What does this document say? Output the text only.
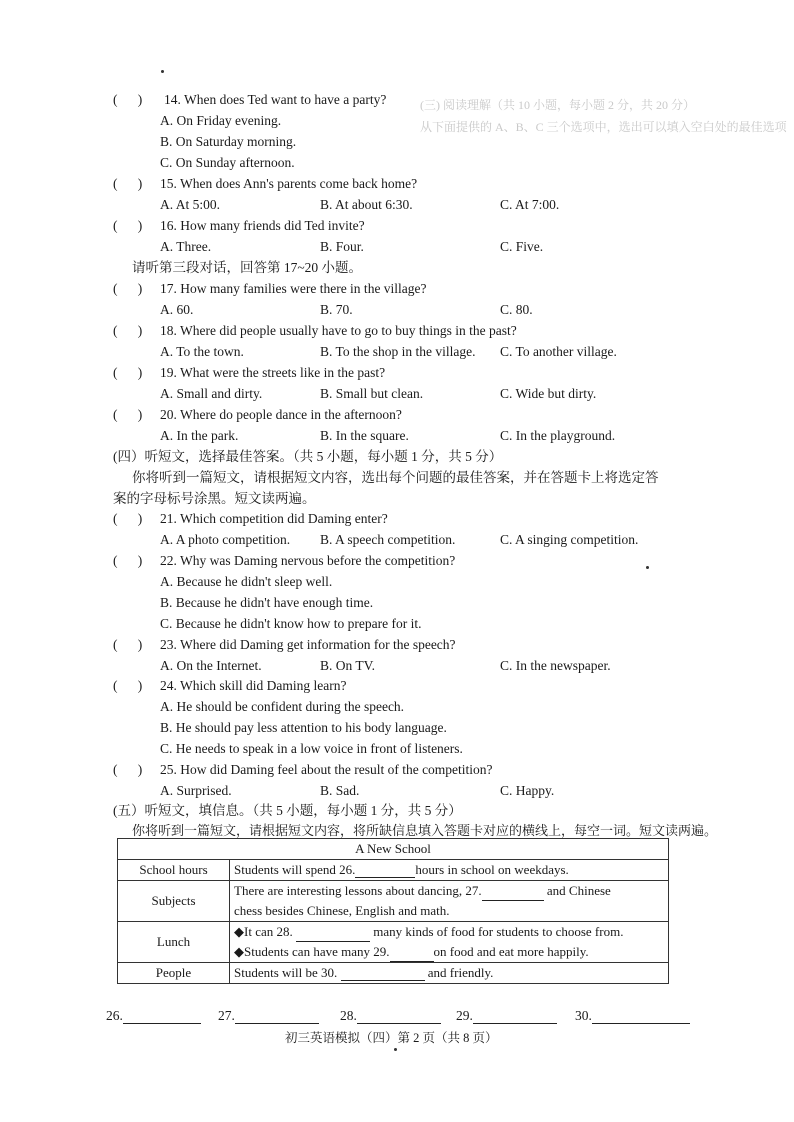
(三) 阅读理解（共 10 小题，每小题 2 分，共 20 分）
从下面提供的 A、B、C 三个选项中，选出可以填入空白处的最佳选项
( ) 14. When does Ted want to have a party?
A. On Friday evening.
B. On Saturday morning.
C. On Sunday afternoon.
( ) 15. When does Ann's parents come back home?
A. At 5:00.	B. At about 6:30.	C. At 7:00.
( ) 16. How many friends did Ted invite?
A. Three.	B. Four.	C. Five.
请听第三段对话，回答第 17~20 小题。
( ) 17. How many families were there in the village?
A. 60.	B. 70.	C. 80.
( ) 18. Where did people usually have to go to buy things in the past?
A. To the town.	B. To the shop in the village. C. To another village.
( ) 19. What were the streets like in the past?
A. Small and dirty.	B. Small but clean.	C. Wide but dirty.
( ) 20. Where do people dance in the afternoon?
A. In the park.	B. In the square.	C. In the playground.
(四）听短文，选择最佳答案。（共 5 小题，每小题 1 分，共 5 分）
你将听到一篇短文，请根据短文内容，选出每个问题的最佳答案，并在答题卡上将选定答
案的字母标号涂黑。短文读两遍。
( ) 21. Which competition did Daming enter?
A. A photo competition. B. A speech competition.	C. A singing competition.
( ) 22. Why was Daming nervous before the competition?
A. Because he didn't sleep well.
B. Because he didn't have enough time.
C. Because he didn't know how to prepare for it.
( ) 23. Where did Daming get information for the speech?
A. On the Internet.	B. On TV.	C. In the newspaper.
( ) 24. Which skill did Daming learn?
A. He should be confident during the speech.
B. He should pay less attention to his body language.
C. He needs to speak in a low voice in front of listeners.
( ) 25. How did Daming feel about the result of the competition?
A. Surprised.	B. Sad.	C. Happy.
(五）听短文，填信息。（共 5 小题，每小题 1 分，共 5 分）
你将听到一篇短文，请根据短文内容，将所缺信息填入答题卡对应的横线上，每空一词。短文读两遍。
A New School	
School hours	Students will spend 26. hours in school on weekdays.
Subjects	There are interesting lessons about dancing, 27. and Chinese
chess besides Chinese, English and math.

Lunch	◆It can 28. many kinds of food for students to choose from.
◆Students can have many 29. on food and eat more happily.

People	Students will be 30. and friendly.
26.	27.	28.	29.	30.
初三英语模拟（四）第 2 页（共 8 页）
